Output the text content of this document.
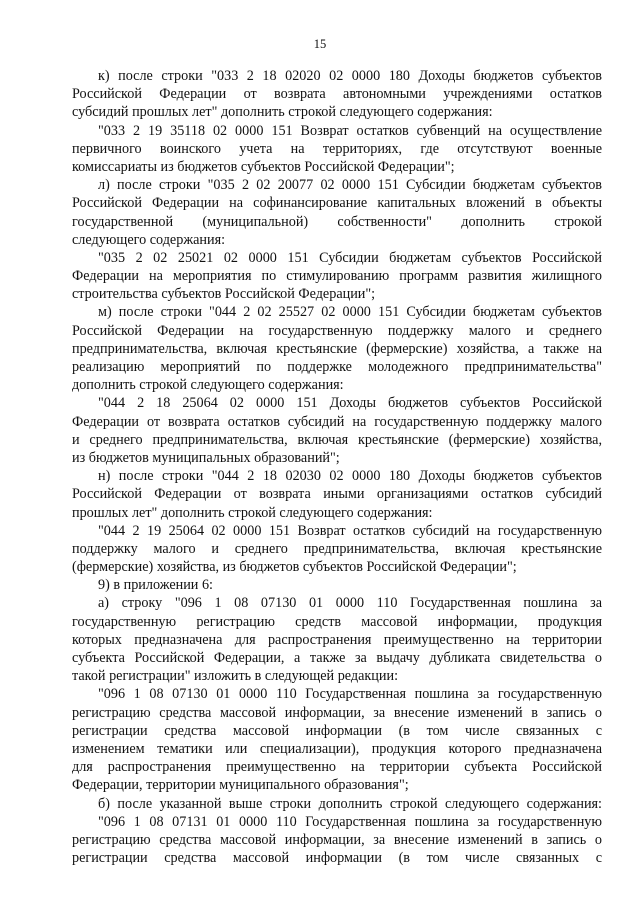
15
к) после строки "033 2 18 02020 02 0000 180 Доходы бюджетов субъектов
Российской Федерации от возврата автономными учреждениями остатков
субсидий прошлых лет" дополнить строкой следующего содержания:
"033 2 19 35118 02 0000 151 Возврат остатков субвенций на осуществление
первичного воинского учета на территориях, где отсутствуют военные
комиссариаты из бюджетов субъектов Российской Федерации";
л) после строки "035 2 02 20077 02 0000 151 Субсидии бюджетам субъектов
Российской Федерации на софинансирование капитальных вложений в объекты
государственной (муниципальной) собственности" дополнить строкой
следующего содержания:
"035 2 02 25021 02 0000 151 Субсидии бюджетам субъектов Российской
Федерации на мероприятия по стимулированию программ развития жилищного
строительства субъектов Российской Федерации";
м) после строки "044 2 02 25527 02 0000 151 Субсидии бюджетам субъектов
Российской Федерации на государственную поддержку малого и среднего
предпринимательства, включая крестьянские (фермерские) хозяйства, а также на
реализацию мероприятий по поддержке молодежного предпринимательства"
дополнить строкой следующего содержания:
"044 2 18 25064 02 0000 151 Доходы бюджетов субъектов Российской
Федерации от возврата остатков субсидий на государственную поддержку малого
и среднего предпринимательства, включая крестьянские (фермерские) хозяйства,
из бюджетов муниципальных образований";
н) после строки "044 2 18 02030 02 0000 180 Доходы бюджетов субъектов
Российской Федерации от возврата иными организациями остатков субсидий
прошлых лет" дополнить строкой следующего содержания:
"044 2 19 25064 02 0000 151 Возврат остатков субсидий на государственную
поддержку малого и среднего предпринимательства, включая крестьянские
(фермерские) хозяйства, из бюджетов субъектов Российской Федерации";
9) в приложении 6:
а) строку "096 1 08 07130 01 0000 110 Государственная пошлина за
государственную регистрацию средств массовой информации, продукция
которых предназначена для распространения преимущественно на территории
субъекта Российской Федерации, а также за выдачу дубликата свидетельства о
такой регистрации" изложить в следующей редакции:
"096 1 08 07130 01 0000 110 Государственная пошлина за государственную
регистрацию средства массовой информации, за внесение изменений в запись о
регистрации средства массовой информации (в том числе связанных с
изменением тематики или специализации), продукция которого предназначена
для распространения преимущественно на территории субъекта Российской
Федерации, территории муниципального образования";
б) после указанной выше строки дополнить строкой следующего содержания:
"096 1 08 07131 01 0000 110 Государственная пошлина за государственную
регистрацию средства массовой информации, за внесение изменений в запись о
регистрации средства массовой информации (в том числе связанных с
